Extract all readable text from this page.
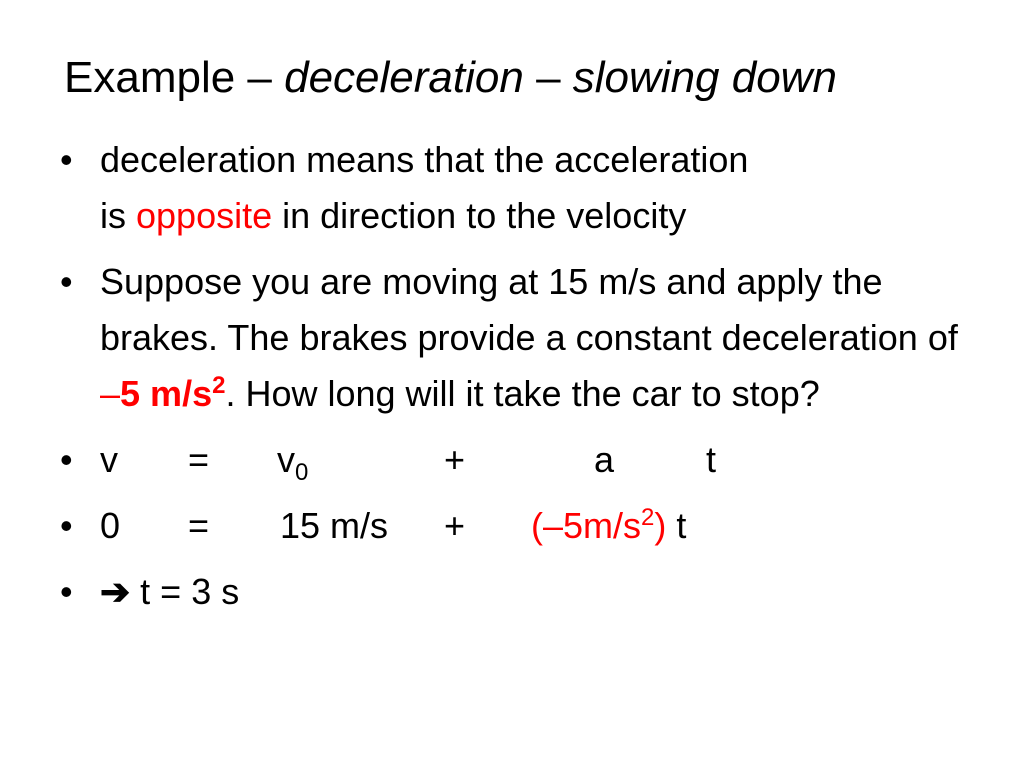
Example – deceleration – slowing down
• deceleration means that the acceleration
is opposite in direction to the velocity
• Suppose you are moving at 15 m/s and apply the brakes. The brakes provide a constant deceleration of –5 $m/s^2$. How long will it take the car to stop?
• $v = v_0$	+	a	t
• 0 = 15 $m/s + (-5m/s^2)$ t
• ➔ t = 3 s
